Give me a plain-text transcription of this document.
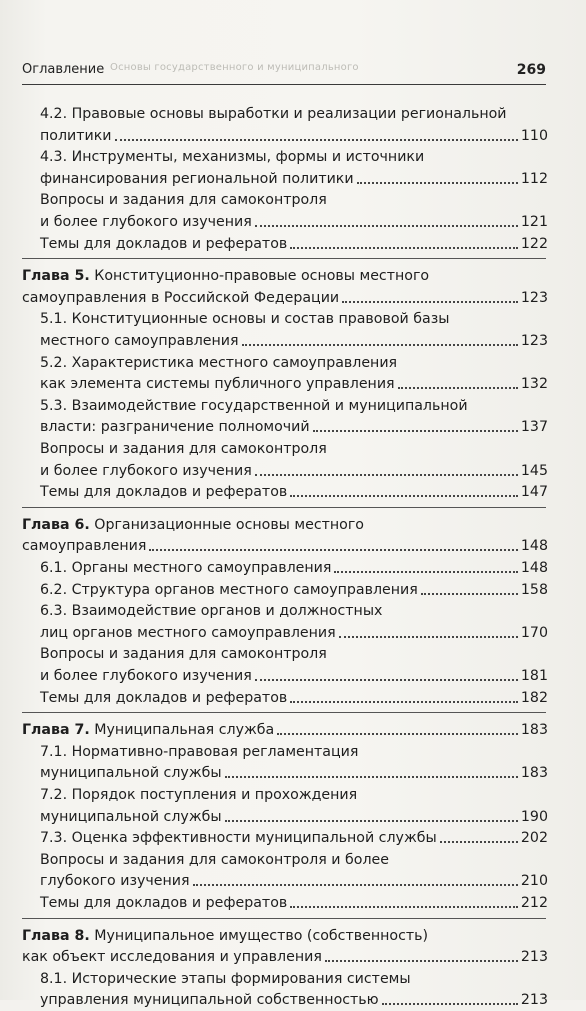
Основы государственного и муниципального
Оглавление	269
4.2. Правовые основы выработки и реализации региональной
политики	110
4.3. Инструменты, механизмы, формы и источники
финансирования региональной политики	112
Вопросы и задания для самоконтроля
и более глубокого изучения	121
Темы для докладов и рефератов	122
Глава 5. Конституционно-правовые основы местного
самоуправления в Российской Федерации	123
5.1. Конституционные основы и состав правовой базы
местного самоуправления	123
5.2. Характеристика местного самоуправления
как элемента системы публичного управления	132
5.3. Взаимодействие государственной и муниципальной
власти: разграничение полномочий	137
Вопросы и задания для самоконтроля
и более глубокого изучения	145
Темы для докладов и рефератов	147
Глава 6. Организационные основы местного
самоуправления	148
6.1. Органы местного самоуправления	148
6.2. Структура органов местного самоуправления	158
6.3. Взаимодействие органов и должностных
лиц органов местного самоуправления	170
Вопросы и задания для самоконтроля
и более глубокого изучения	181
Темы для докладов и рефератов	182
Глава 7. Муниципальная служба	183
7.1. Нормативно-правовая регламентация
муниципальной службы	183
7.2. Порядок поступления и прохождения
муниципальной службы	190
7.3. Оценка эффективности муниципальной службы	202
Вопросы и задания для самоконтроля и более
глубокого изучения	210
Темы для докладов и рефератов	212
Глава 8. Муниципальное имущество (собственность)
как объект исследования и управления	213
8.1. Исторические этапы формирования системы
управления муниципальной собственностью	213
